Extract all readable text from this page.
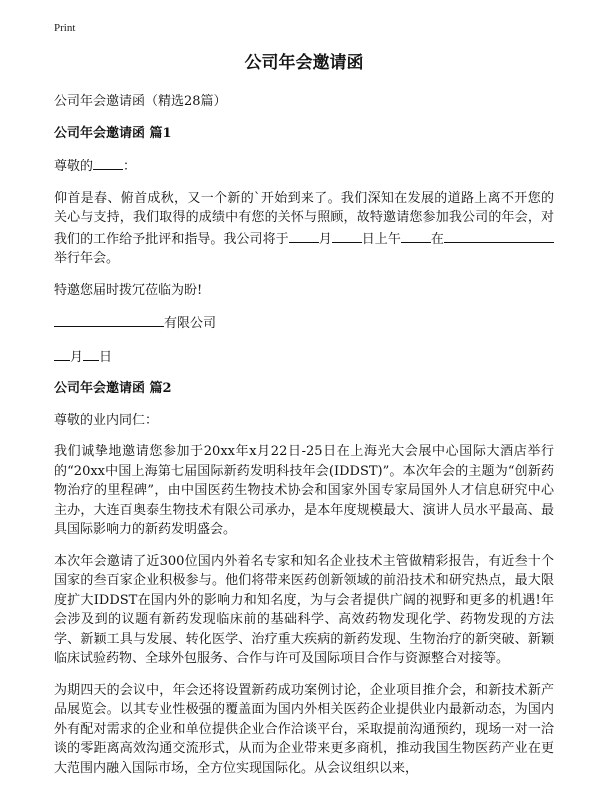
Print
公司年会邀请函
公司年会邀请函（精选28篇）
公司年会邀请函 篇1

尊敬的 ：

仰首是春、俯首成秋，又一个新的`开始到来了。我们深知在发展的道路上离不开您的关心与支持，我们取得的成绩中有您的关怀与照顾，故特邀请您参加我公司的年会，对我们的工作给予批评和指导。我公司将于 月 日上午 在举行年会。

特邀您届时拨冗莅临为盼!

有限公司

月 日

公司年会邀请函 篇2

尊敬的业内同仁：

我们诚挚地邀请您参加于20xx年x月22日-25日在上海光大会展中心国际大酒店举行的“20xx中国上海第七届国际新药发明科技年会(IDDST)”。本次年会的主题为“创新药物治疗的里程碑”，由中国医药生物技术协会和国家外国专家局国外人才信息研究中心主办，大连百奥泰生物技术有限公司承办，是本年度规模最大、演讲人员水平最高、最具国际影响力的新药发明盛会。

本次年会邀请了近300位国内外着名专家和知名企业技术主管做精彩报告，有近叁十个国家的叁百家企业积极参与。他们将带来医药创新领域的前沿技术和研究热点，最大限度扩大IDDST在国内外的影响力和知名度，为与会者提供广阔的视野和更多的机遇!年会涉及到的议题有新药发现临床前的基础科学、高效药物发现化学、药物发现的方法学、新颖工具与发展、转化医学、治疗重大疾病的新药发现、生物治疗的新突破、新颖临床试验药物、全球外包服务、合作与许可及国际项目合作与资源整合对接等。

为期四天的会议中，年会还将设置新药成功案例讨论，企业项目推介会，和新技术新产品展览会。以其专业性极强的覆盖面为国内外相关医药企业提供业内最新动态，为国内外有配对需求的企业和单位提供企业合作洽谈平台，采取提前沟通预约，现场一对一洽谈的零距离高效沟通交流形式，从而为企业带来更多商机，推动我国生物医药产业在更大范围内融入国际市场，全方位实现国际化。从会议组织以来，
